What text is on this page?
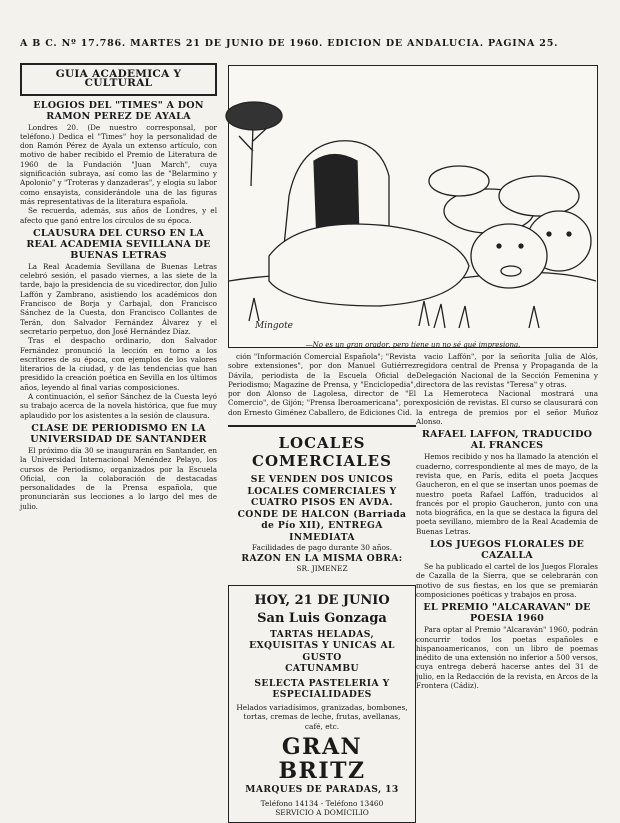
A B C. Nº 17.786. MARTES 21 DE JUNIO DE 1960. EDICION DE ANDALUCIA. PAGINA 25.
GUIA ACADEMICA Y CULTURAL
ELOGIOS DEL "TIMES" A DON RAMON PEREZ DE AYALA

Londres 20. (De nuestro corresponsal, por teléfono.) Dedica el "Times" hoy la personalidad de don Ramón Pérez de Ayala un extenso artículo, con motivo de haber recibido el Premio de Literatura de 1960 de la Fundación "Juan March", cuya significación subraya, así como las de "Belarmino y Apolonio" y "Troteras y danzaderas", y elogia su labor como ensayista, considerándole una de las figuras más representativas de la literatura española.

Se recuerda, además, sus años de Londres, y el afecto que ganó entre los círculos de su época.

CLAUSURA DEL CURSO EN LA REAL ACADEMIA SEVILLANA DE BUENAS LETRAS

La Real Academia Sevillana de Buenas Letras celebró sesión, el pasado viernes, a las siete de la tarde, bajo la presidencia de su vicedirector, don Julio Laffón y Zambrano, asistiendo los académicos don Francisco de Borja y Carbajal, don Francisco Sánchez de la Cuesta, don Francisco Collantes de Terán, don Salvador Fernández Álvarez y el secretario perpetuo, don José Hernández Díaz.

Tras el despacho ordinario, don Salvador Fernández pronunció la lección en torno a los escritores de su época, con ejemplos de los valores literarios de la ciudad, y de las tendencias que han presidido la creación poética en Sevilla en los últimos años, leyendo al final varias composiciones.

A continuación, el señor Sánchez de la Cuesta leyó su trabajo acerca de la novela histórica, que fue muy aplaudido por los asistentes a la sesión de clausura.

CLASE DE PERIODISMO EN LA UNIVERSIDAD DE SANTANDER

El próximo día 30 se inaugurarán en Santander, en la Universidad Internacional Menéndez Pelayo, los cursos de Periodismo, organizados por la Escuela Oficial, con la colaboración de destacadas personalidades de la Prensa española, que pronunciarán sus lecciones a lo largo del mes de julio.

Mingote
—No es un gran orador, pero tiene un no sé qué impresiona.

ción "Información Comercial Española"; "Revista sobre extensiones", por don Manuel Gutiérrez Dávila, periodista de la Escuela Oficial de Periodismo; Magazine de Prensa, y "Enciclopedia", por don Alonso de Lagolesa, director de "El Comercio", de Gijón; "Prensa Iberoamericana", por don Ernesto Giménez Caballero, de Ediciones Cid.

LOCALES COMERCIALES
SE VENDEN DOS UNICOS LOCALES COMERCIALES Y CUATRO PISOS EN AVDA. CONDE DE HALCON (Barriada de Pío XII), ENTREGA INMEDIATA
Facilidades de pago durante 30 años.
RAZON EN LA MISMA OBRA:
SR. JIMENEZ
HOY, 21 DE JUNIO
San Luis Gonzaga
TARTAS HELADAS, EXQUISITAS Y UNICAS AL GUSTO
CATUNAMBU
SELECTA PASTELERIA Y ESPECIALIDADES
Helados variadísimos, granizadas, bombones, tortas, cremas de leche, frutas, avellanas, café, etc.
GRAN BRITZ
MARQUES DE PARADAS, 13
Teléfono 14134 - Teléfono 13460
SERVICIO A DOMICILIO

vacio Laffón", por la señorita Julia de Alós, regidora central de Prensa y Propaganda de la Delegación Nacional de la Sección Femenina y directora de las revistas "Teresa" y otras.

La Hemeroteca Nacional mostrará una exposición de revistas. El curso se clausurará con la entrega de premios por el señor Muñoz Alonso.

RAFAEL LAFFON, TRADUCIDO AL FRANCES

Hemos recibido y nos ha llamado la atención el cuaderno, correspondiente al mes de mayo, de la revista que, en París, edita el poeta Jacques Gaucheron, en el que se insertan unos poemas de nuestro poeta Rafael Laffón, traducidos al francés por el propio Gaucheron, junto con una nota biográfica, en la que se destaca la figura del poeta sevillano, miembro de la Real Academia de Buenas Letras.

LOS JUEGOS FLORALES DE CAZALLA

Se ha publicado el cartel de los Juegos Florales de Cazalla de la Sierra, que se celebrarán con motivo de sus fiestas, en los que se premiarán composiciones poéticas y trabajos en prosa.

EL PREMIO "ALCARAVAN" DE POESIA 1960

Para optar al Premio "Alcaraván" 1960, podrán concurrir todos los poetas españoles e hispanoamericanos, con un libro de poemas inédito de una extensión no inferior a 500 versos, cuya entrega deberá hacerse antes del 31 de julio, en la Redacción de la revista, en Arcos de la Frontera (Cádiz).
